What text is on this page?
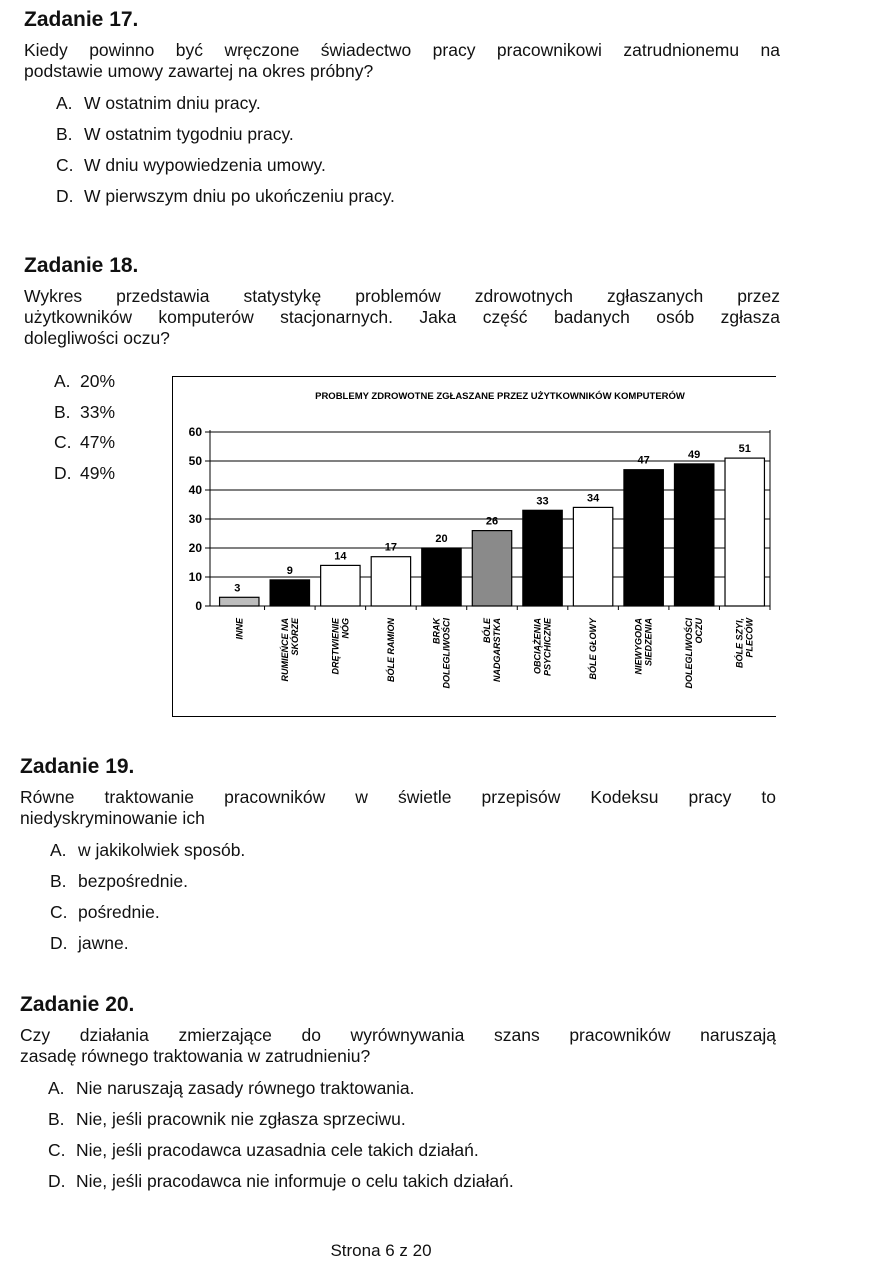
Zadanie 17.
Kiedy powinno być wręczone świadectwo pracy pracownikowi zatrudnionemu na
podstawie umowy zawartej na okres próbny?
A. W ostatnim dniu pracy.
B. W ostatnim tygodniu pracy.
C. W dniu wypowiedzenia umowy.
D. W pierwszym dniu po ukończeniu pracy.
Zadanie 18.
Wykres przedstawia statystykę problemów zdrowotnych zgłaszanych przez
użytkowników komputerów stacjonarnych. Jaka część badanych osób zgłasza
dolegliwości oczu?
A. 20%
B. 33%
C. 47%
D. 49%
PROBLEMY ZDROWOTNE ZGŁASZANE PRZEZ UŻYTKOWNIKÓW KOMPUTERÓW
0
10
20
30
40
50
60
3
9
14
17
20
26
33	34
47	49	51
INNE	RUMIEŃCE NA SKÓRZE	DRĘTWIENIE NÓG	BÓLE RAMION	BRAK DOLEGLIWOŚCI	BÓLE NADGARSTKA	OBCIĄŻENIA PSYCHICZNE	BÓLE GŁOWY	NIEWYGODA SIEDZENIA	DOLEGLIWOŚCI OCZU	BÓLE SZYI, PLECÓW
Zadanie 19.
Równe traktowanie pracowników w świetle przepisów Kodeksu pracy to
niedyskryminowanie ich
A. w jakikolwiek sposób.
B. bezpośrednie.
C. pośrednie.
D. jawne.
Zadanie 20.
Czy działania zmierzające do wyrównywania szans pracowników naruszają
zasadę równego traktowania w zatrudnieniu?
A. Nie naruszają zasady równego traktowania.
B. Nie, jeśli pracownik nie zgłasza sprzeciwu.
C. Nie, jeśli pracodawca uzasadnia cele takich działań.
D. Nie, jeśli pracodawca nie informuje o celu takich działań.
Strona 6 z 20
